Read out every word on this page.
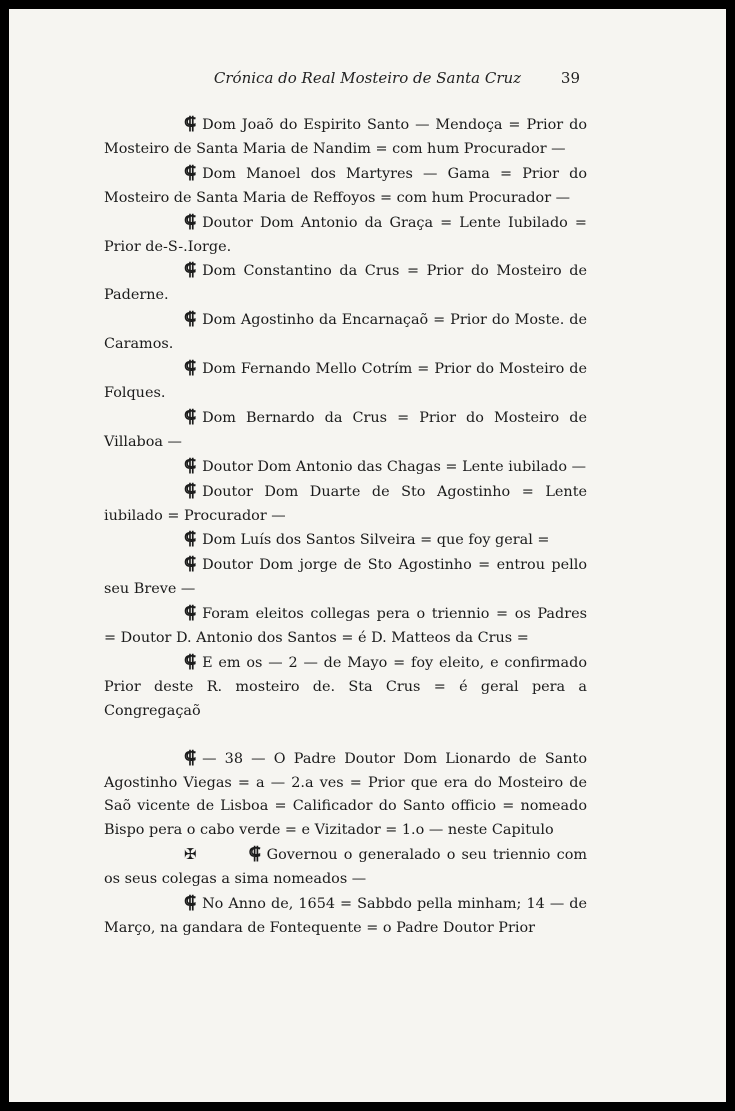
Crónica do Real Mosteiro de Santa Cruz	39

⸿ Dom Joaõ do Espirito Santo — Mendoça = Prior do Mosteiro de Santa Maria de Nandim = com hum Procurador —

⸿ Dom Manoel dos Martyres — Gama = Prior do Mosteiro de Santa Maria de Reffoyos = com hum Procurador —

⸿ Doutor Dom Antonio da Graça = Lente Iubilado = Prior de-S-.Iorge.

⸿ Dom Constantino da Crus = Prior do Mosteiro de Paderne.

⸿ Dom Agostinho da Encarnaçaõ = Prior do Moste. de Caramos.

⸿ Dom Fernando Mello Cotrím = Prior do Mosteiro de Folques.

⸿ Dom Bernardo da Crus = Prior do Mosteiro de Villaboa —

⸿ Doutor Dom Antonio das Chagas = Lente iubilado —

⸿ Doutor Dom Duarte de Sto Agostinho = Lente iubilado = Procurador —

⸿ Dom Luís dos Santos Silveira = que foy geral =

⸿ Doutor Dom jorge de Sto Agostinho = entrou pello seu Breve —

⸿ Foram eleitos collegas pera o triennio = os Padres = Doutor D. Antonio dos Santos = é D. Matteos da Crus =

⸿ E em os — 2 — de Mayo = foy eleito, e confirmado Prior deste R. mosteiro de. Sta Crus = é geral pera a Congregaçaõ

⸿ — 38 — O Padre Doutor Dom Lionardo de Santo Agostinho Viegas = a — 2.a ves = Prior que era do Mosteiro de Saõ vicente de Lisboa = Calificador do Santo officio = nomeado Bispo pera o cabo verde = e Vizitador = 1.o — neste Capitulo

✠	⸿ Governou o generalado o seu triennio com os seus colegas a sima nomeados —

⸿ No Anno de, 1654 = Sabbdo pella minham; 14 — de Março, na gandara de Fontequente = o Padre Doutor Prior
